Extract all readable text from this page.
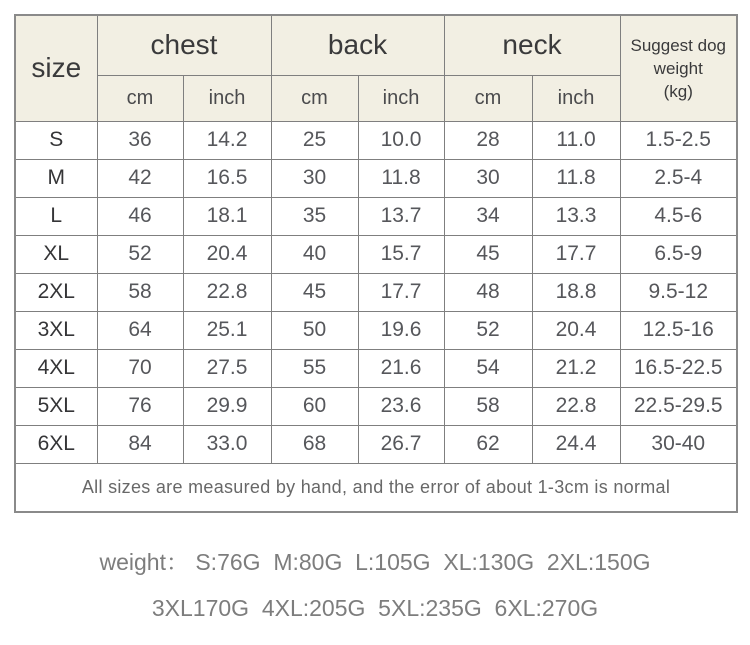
size	chest		back		neck		Suggest dog
weight
(kg)

	cm	inch	cm	inch	cm	inch	
S	36	14.2	25	10.0	28	11.0	1.5-2.5
M	42	16.5	30	11.8	30	11.8	2.5-4
L	46	18.1	35	13.7	34	13.3	4.5-6
XL	52	20.4	40	15.7	45	17.7	6.5-9
2XL	58	22.8	45	17.7	48	18.8	9.5-12
3XL	64	25.1	50	19.6	52	20.4	12.5-16
4XL	70	27.5	55	21.6	54	21.2	16.5-22.5
5XL	76	29.9	60	23.6	58	22.8	22.5-29.5
6XL	84	33.0	68	26.7	62	24.4	30-40
All sizes are measured by hand, and the error of about 1-3cm is normal							
weight： S:76G  M:80G  L:105G  XL:130G  2XL:150G
3XL170G  4XL:205G  5XL:235G  6XL:270G
